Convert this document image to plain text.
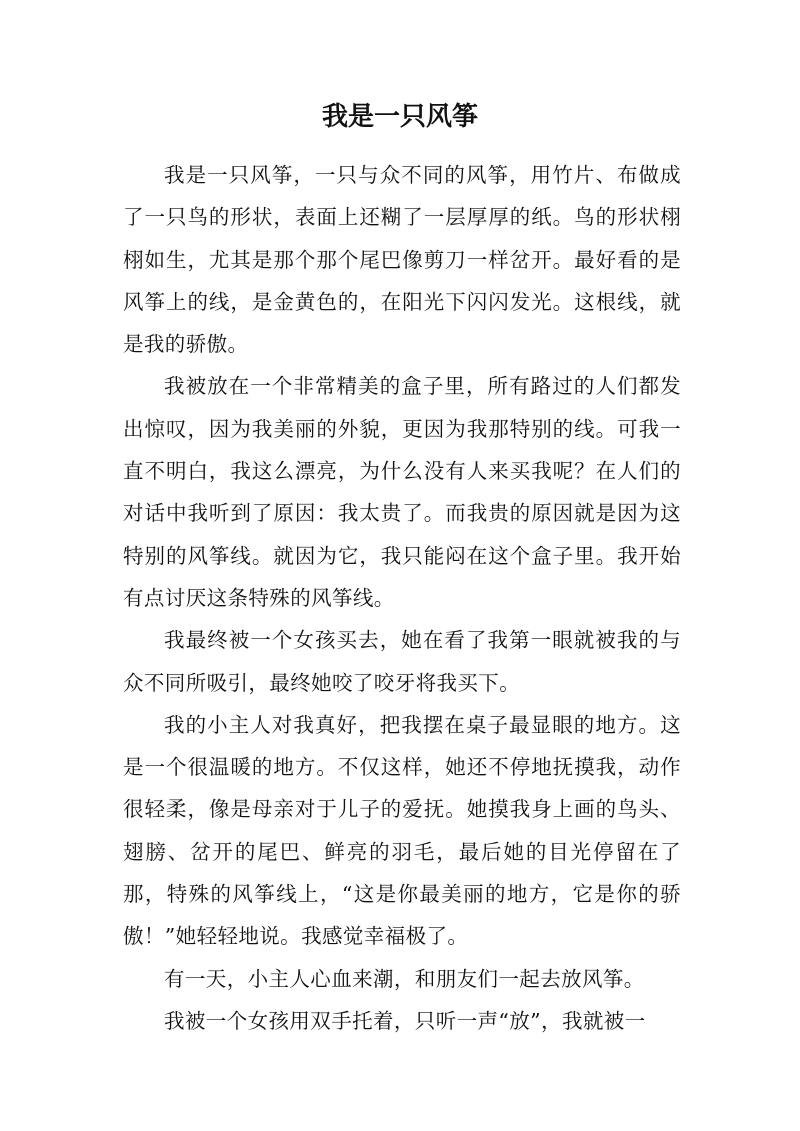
我是一只风筝

我是一只风筝，一只与众不同的风筝，用竹片、布做成了一只鸟的形状，表面上还糊了一层厚厚的纸。鸟的形状栩栩如生，尤其是那个那个尾巴像剪刀一样岔开。最好看的是风筝上的线，是金黄色的，在阳光下闪闪发光。这根线，就是我的骄傲。

我被放在一个非常精美的盒子里，所有路过的人们都发出惊叹，因为我美丽的外貌，更因为我那特别的线。可我一直不明白，我这么漂亮，为什么没有人来买我呢？在人们的对话中我听到了原因：我太贵了。而我贵的原因就是因为这特别的风筝线。就因为它，我只能闷在这个盒子里。我开始有点讨厌这条特殊的风筝线。

我最终被一个女孩买去，她在看了我第一眼就被我的与众不同所吸引，最终她咬了咬牙将我买下。

我的小主人对我真好，把我摆在桌子最显眼的地方。这是一个很温暖的地方。不仅这样，她还不停地抚摸我，动作很轻柔，像是母亲对于儿子的爱抚。她摸我身上画的鸟头、翅膀、岔开的尾巴、鲜亮的羽毛，最后她的目光停留在了那，特殊的风筝线上，“这是你最美丽的地方，它是你的骄傲！”她轻轻地说。我感觉幸福极了。

有一天，小主人心血来潮，和朋友们一起去放风筝。

我被一个女孩用双手托着，只听一声“放”，我就被一
